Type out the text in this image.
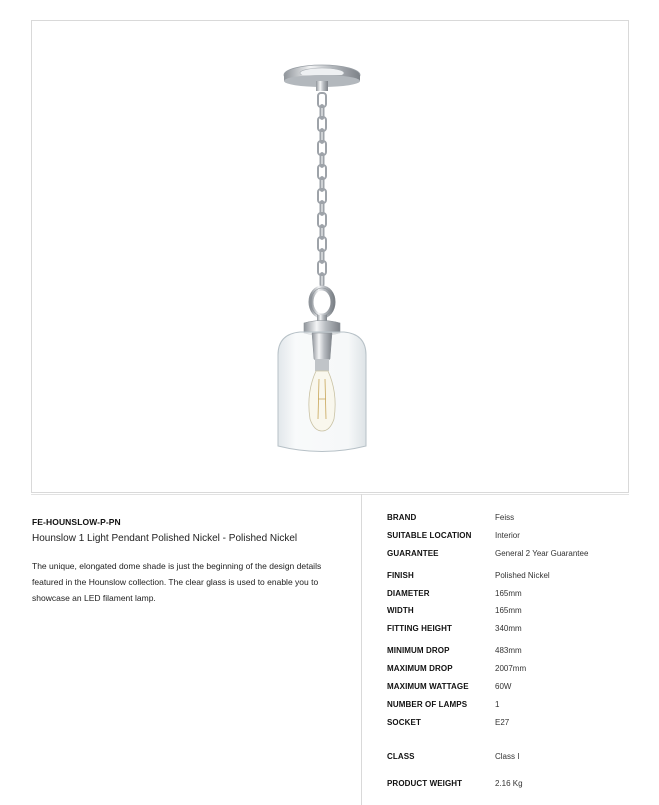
FE-HOUNSLOW-P-PN
Hounslow 1 Light Pendant Polished Nickel - Polished Nickel
The unique, elongated dome shade is just the beginning of the design details featured in the Hounslow collection. The clear glass is used to enable you to showcase an LED filament lamp.
BRAND	Feiss
SUITABLE LOCATION	Interior
GUARANTEE	General 2 Year Guarantee
FINISH	Polished Nickel
DIAMETER	165mm
WIDTH	165mm
FITTING HEIGHT	340mm
MINIMUM DROP	483mm
MAXIMUM DROP	2007mm
MAXIMUM WATTAGE	60W
NUMBER OF LAMPS	1
SOCKET	E27
CLASS	Class I
PRODUCT WEIGHT	2.16 Kg
